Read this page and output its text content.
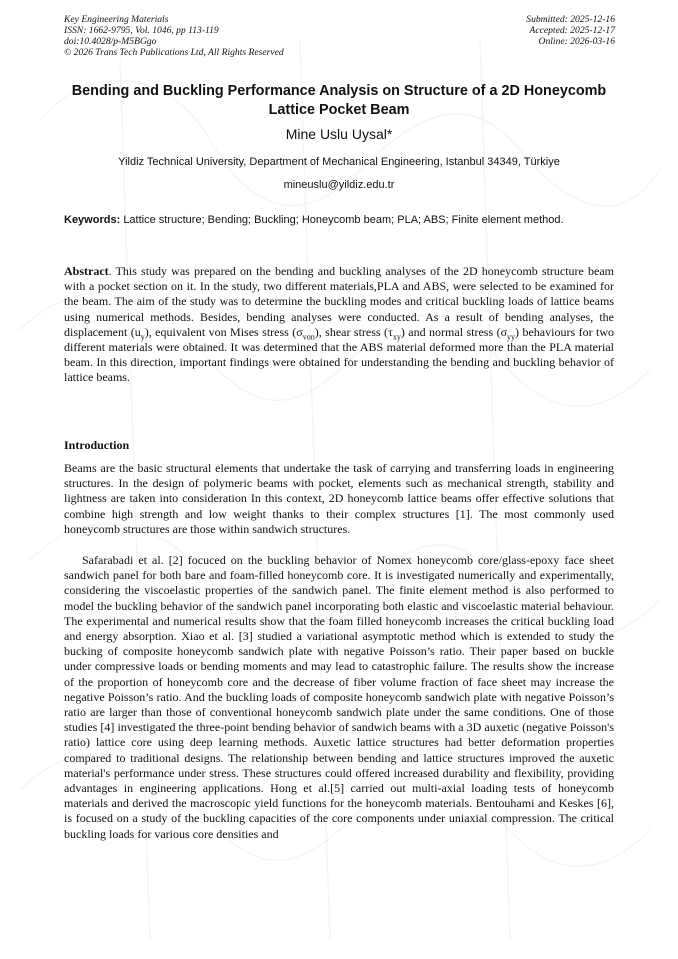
Key Engineering Materials
ISSN: 1662-9795, Vol. 1046, pp 113-119
doi:10.4028/p-M5BGgo
© 2026 Trans Tech Publications Ltd, All Rights Reserved
Submitted: 2025-12-16
Accepted: 2025-12-17
Online: 2026-03-16
Bending and Buckling Performance Analysis on Structure of a 2D Honeycomb Lattice Pocket Beam
Mine Uslu Uysal*
Yildiz Technical University, Department of Mechanical Engineering, Istanbul 34349, Türkiye
mineuslu@yildiz.edu.tr
Keywords: Lattice structure; Bending; Buckling; Honeycomb beam; PLA; ABS; Finite element method.
Abstract. This study was prepared on the bending and buckling analyses of the 2D honeycomb structure beam with a pocket section on it. In the study, two different materials,PLA and ABS, were selected to be examined for the beam. The aim of the study was to determine the buckling modes and critical buckling loads of lattice beams using numerical methods. Besides, bending analyses were conducted. As a result of bending analyses, the displacement $(u_y)$, equivalent von Mises stress $(\sigma_{von})$, shear stress $(\tau_{xy})$ and normal stress $(\sigma_{yy})$ behaviours for two different materials were obtained. It was determined that the ABS material deformed more than the PLA material beam. In this direction, important findings were obtained for understanding the bending and buckling behavior of lattice beams.
Introduction
Beams are the basic structural elements that undertake the task of carrying and transferring loads in engineering structures. In the design of polymeric beams with pocket, elements such as mechanical strength, stability and lightness are taken into consideration In this context, 2D honeycomb lattice beams offer effective solutions that combine high strength and low weight thanks to their complex structures [1]. The most commonly used honeycomb structures are those within sandwich structures.
Safarabadi et al. [2] focuced on the buckling behavior of Nomex honeycomb core/glass-epoxy face sheet sandwich panel for both bare and foam-filled honeycomb core. It is investigated numerically and experimentally, considering the viscoelastic properties of the sandwich panel. The finite element method is also performed to model the buckling behavior of the sandwich panel incorporating both elastic and viscoelastic material behaviour. The experimental and numerical results show that the foam filled honeycomb increases the critical buckling load and energy absorption. Xiao et al. [3] studied a variational asymptotic method which is extended to study the bucking of composite honeycomb sandwich plate with negative Poisson’s ratio. Their paper based on buckle under compressive loads or bending moments and may lead to catastrophic failure. The results show the increase of the proportion of honeycomb core and the decrease of fiber volume fraction of face sheet may increase the negative Poisson’s ratio. And the buckling loads of composite honeycomb sandwich plate with negative Poisson’s ratio are larger than those of conventional honeycomb sandwich plate under the same conditions. One of those studies [4] investigated the three-point bending behavior of sandwich beams with a 3D auxetic (negative Poisson's ratio) lattice core using deep learning methods. Auxetic lattice structures had better deformation properties compared to traditional designs. The relationship between bending and lattice structures improved the auxetic material's performance under stress. These structures could offered increased durability and flexibility, providing advantages in engineering applications. Hong et al.[5] carried out multi-axial loading tests of honeycomb materials and derived the macroscopic yield functions for the honeycomb materials. Bentouhami and Keskes [6], is focused on a study of the buckling capacities of the core components under uniaxial compression. The critical buckling loads for various core densities and
